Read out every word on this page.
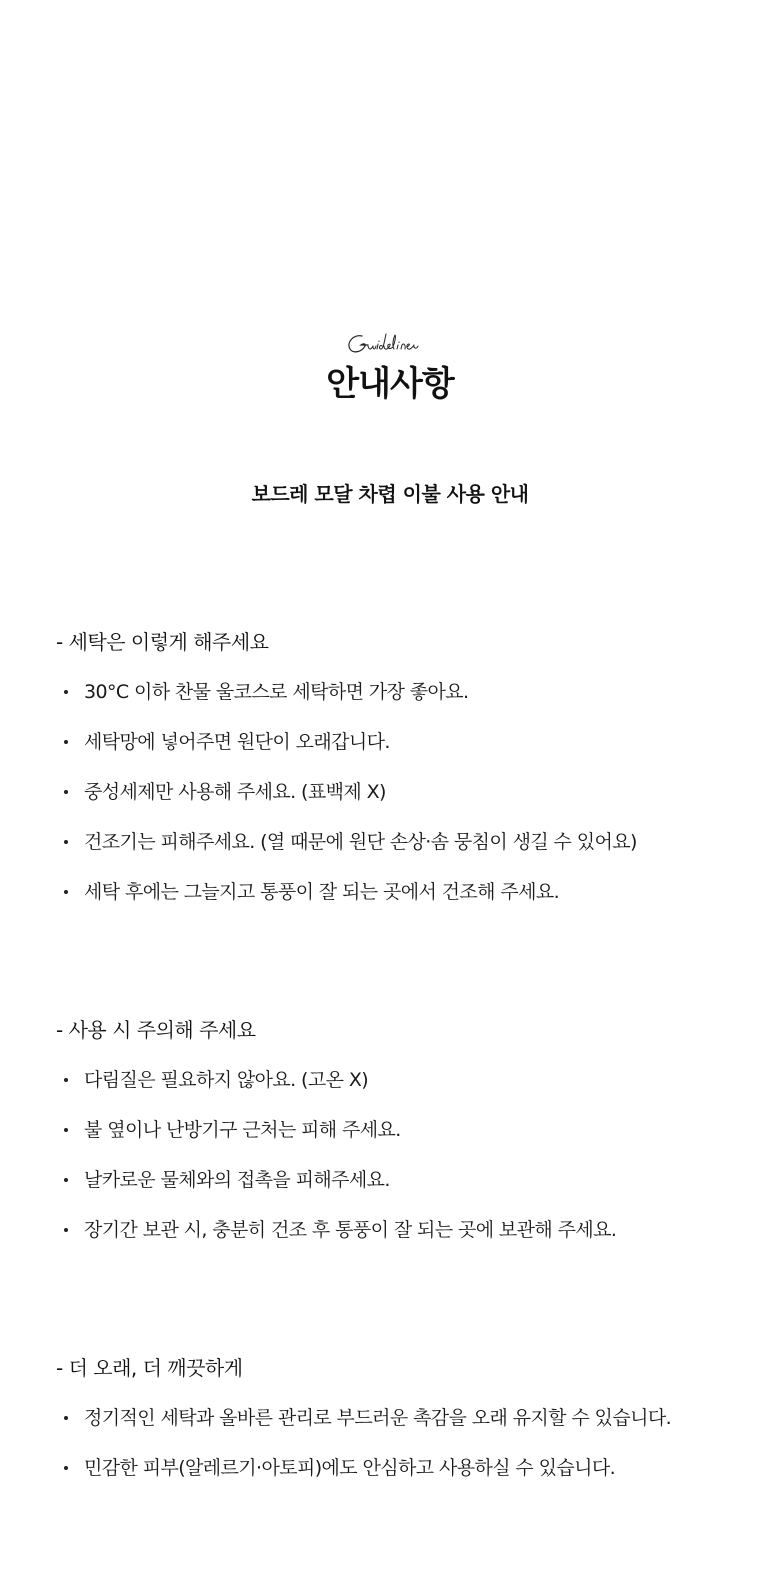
안내사항
보드레 모달 차렵 이불 사용 안내
- 세탁은 이렇게 해주세요
30°C 이하 찬물 울코스로 세탁하면 가장 좋아요.
세탁망에 넣어주면 원단이 오래갑니다.
중성세제만 사용해 주세요. (표백제 X)
건조기는 피해주세요. (열 때문에 원단 손상·솜 뭉침이 생길 수 있어요)
세탁 후에는 그늘지고 통풍이 잘 되는 곳에서 건조해 주세요.
- 사용 시 주의해 주세요
다림질은 필요하지 않아요. (고온 X)
불 옆이나 난방기구 근처는 피해 주세요.
날카로운 물체와의 접촉을 피해주세요.
장기간 보관 시, 충분히 건조 후 통풍이 잘 되는 곳에 보관해 주세요.
- 더 오래, 더 깨끗하게
정기적인 세탁과 올바른 관리로 부드러운 촉감을 오래 유지할 수 있습니다.
민감한 피부(알레르기·아토피)에도 안심하고 사용하실 수 있습니다.
